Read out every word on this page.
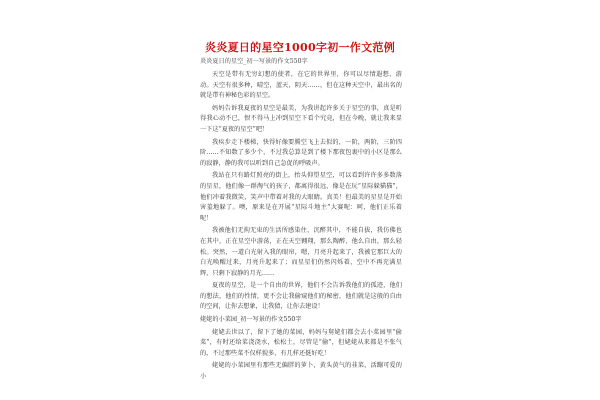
炎炎夏日的星空1000字初一作文范例
炎炎夏日的星空_初一写景的作文550字

天空是带有无穷幻想的使者，在它的世界里，你可以尽情遐想，游动。天空有很多种，晴空，蓝天，阴天……，但在这种天空中，最出名的就是带有神秘色彩的星空。

妈妈告诉我夏夜的星空是最美，为我讲起许多关于星空的事，真是听得我心动不已，恨不得马上冲到星空下看个究竟，但在今晚，就让我来显一下这“夏夜的星空”吧！

我疾步走下楼梯，快得好像要腾空飞上去似的，一阶，两阶，三阶四阶……不知数了多少个，不过我总算是到了楼下那夜包裹中的小区是那么的寂静，静的我可以听到自己急促的呼吸声。

我站在只有路灯照亮的街上，抬头仰望星空，可以看到许许多多数落的星星，他们像一群淘气的孩子，都离得很远，像是在玩“星际躲猫猫”，他们冲着我微笑，笑声中带着对我的大眼睛。真美！但最美的星星是开始害羞地躲了。噢，原来是在开展“星际斗地主”大赛呢：呵，他们正乐着呢！

我被他们无拘无束的生活所感染住，沉醉其中，不能自拔，我仿佛也在其中，正在星空中游荡，正在天空翱翔，那么陶醉，他么自由，那么轻松。突然，一道白光射入我的眼帘，嗯，月亮升起来了，我被它那巨大的白光唤醒过来，月亮升起来了；而星星们仍然闪烁着，空中不再充满星辉，只剩下寂静的月光……

夏夜的星空，是一个自由的世界，他们不会告诉我他们的孤迹，他们的想法，他们的性情，更不会让我偷窥他们的秘密，他们就是这般的自由的空间，让你去想象，让我猜，让你去建设！

姥姥的小菜园_初一写景的作文550字

姥姥去世以了，留下了她的菜园，妈妈与舅姥们都会去小菜园里“偷菜”，有时还给菜浇浇水，松松土，尽管是“偷”，但姥姥从来都是不张气的，不过那些菜不仅样貌多，有几样还挺好吃！

姥姥的小菜园里有那些无偏胖的萝卜，黄头黄气的韭菜，活蹦可爱的小
